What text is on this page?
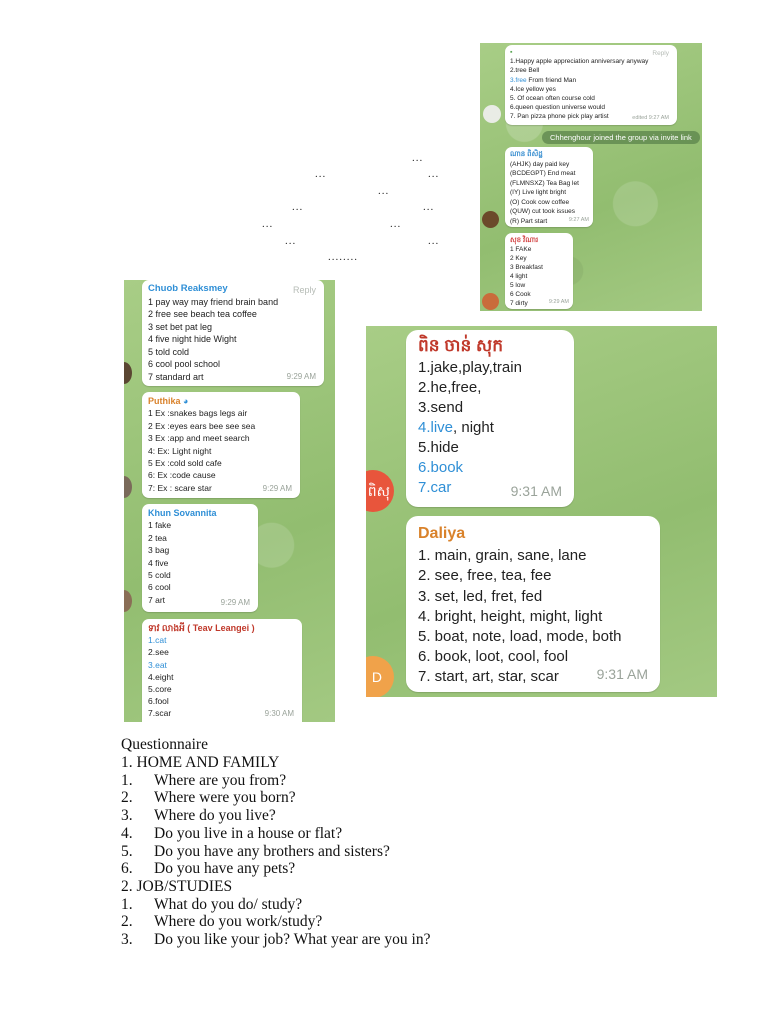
...
...	...
...
...	...
...	...
...	...
........
▪	Reply
1.Happy apple appreciation anniversary anyway
2.tree Bell
3.free From friend Man
4.Ice yellow yes
5. Of ocean often course cold
6.queen question universe would
7. Pan pizza phone pick play artist	edited 9:27 AM
Chhenghour joined the group via invite link
ណាន ពិសិដ្ឋ
(AHJK) day paid key
(BCDEGPT) End meat
(FLMNSXZ) Tea Bag let
(IY) Live light bright
(O) Cook cow coffee
(QUW) cut took issues
(R) Part start	9:27 AM
សុខ វិណារ
1 FAKe
2 Key
3 Breakfast
4 light
5 low
6 Cook
7 dirty	9:29 AM
Chuob Reaksmey	Reply
1 pay way may friend brain band
2 free see beach tea coffee
3 set bet pat leg
4 five night hide Wight
5 told cold
6 cool pool school
7 standard art	9:29 AM
Puthika ◕
1 Ex :snakes bags legs air
2 Ex :eyes ears bee see sea
3 Ex :app and meet search
4: Ex: Light night
5 Ex :cold sold cafe
6: Ex :code cause
7: Ex : scare star	9:29 AM
Khun Sovannita
1 fake
2 tea
3 bag
4 five
5 cold
6 cool
7 art	9:29 AM
ទាវ លាងអី ( Teav Leangei )
1.cat
2.see
3.eat
4.eight
5.core
6.fool
7.scar	9:30 AM
ពិន ចាន់ សុក
1.jake,play,train
2.he,free,
3.send
4.live, night
5.hide
6.book
7.car	9:31 AM
ពិសុ
Daliya
1. main, grain, sane, lane
2. see, free, tea, fee
3. set, led, fret, fed
4. bright, height, might, light
5. boat, note, load, mode, both
6. book, loot, cool, fool
7. start, art, star, scar	9:31 AM
D
Questionnaire
1. HOME AND FAMILY
1. Where are you from?
2. Where were you born?
3. Where do you live?
4. Do you live in a house or flat?
5. Do you have any brothers and sisters?
6. Do you have any pets?
2. JOB/STUDIES
1. What do you do/ study?
2. Where do you work/study?
3. Do you like your job? What year are you in?
